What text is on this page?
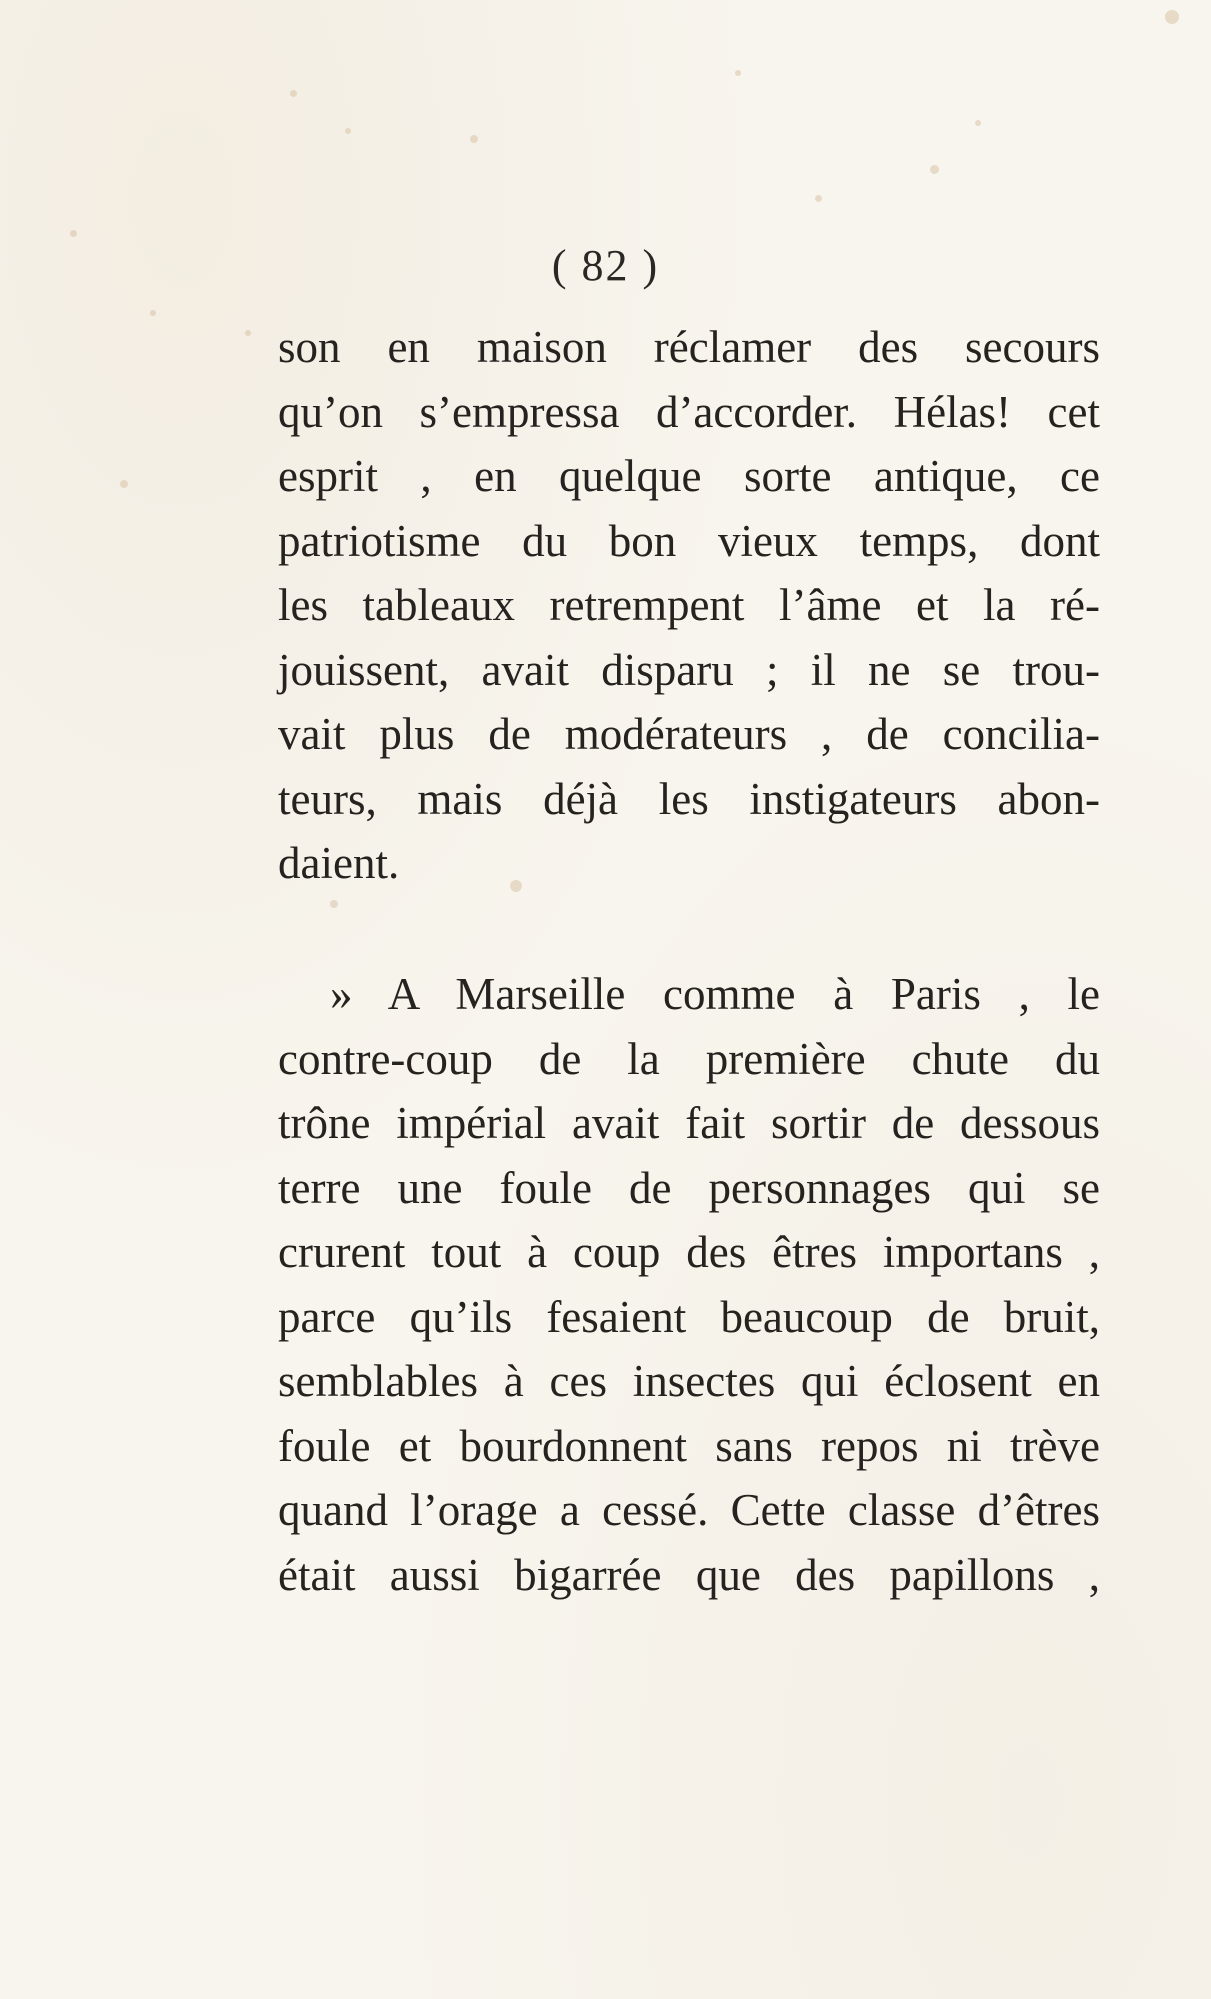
( 82 )
son en maison réclamer des secours
qu’on s’empressa d’accorder. Hélas! cet
esprit , en quelque sorte antique, ce
patriotisme du bon vieux temps, dont
les tableaux retrempent l’âme et la ré-
jouissent, avait disparu ; il ne se trou-
vait plus de modérateurs , de concilia-
teurs, mais déjà les instigateurs abon-
daient.
» A Marseille comme à Paris , le
contre-coup de la première chute du
trône impérial avait fait sortir de dessous
terre une foule de personnages qui se
crurent tout à coup des êtres importans ,
parce qu’ils fesaient beaucoup de bruit,
semblables à ces insectes qui éclosent en
foule et bourdonnent sans repos ni trève
quand l’orage a cessé. Cette classe d’êtres
était aussi bigarrée que des papillons ,
